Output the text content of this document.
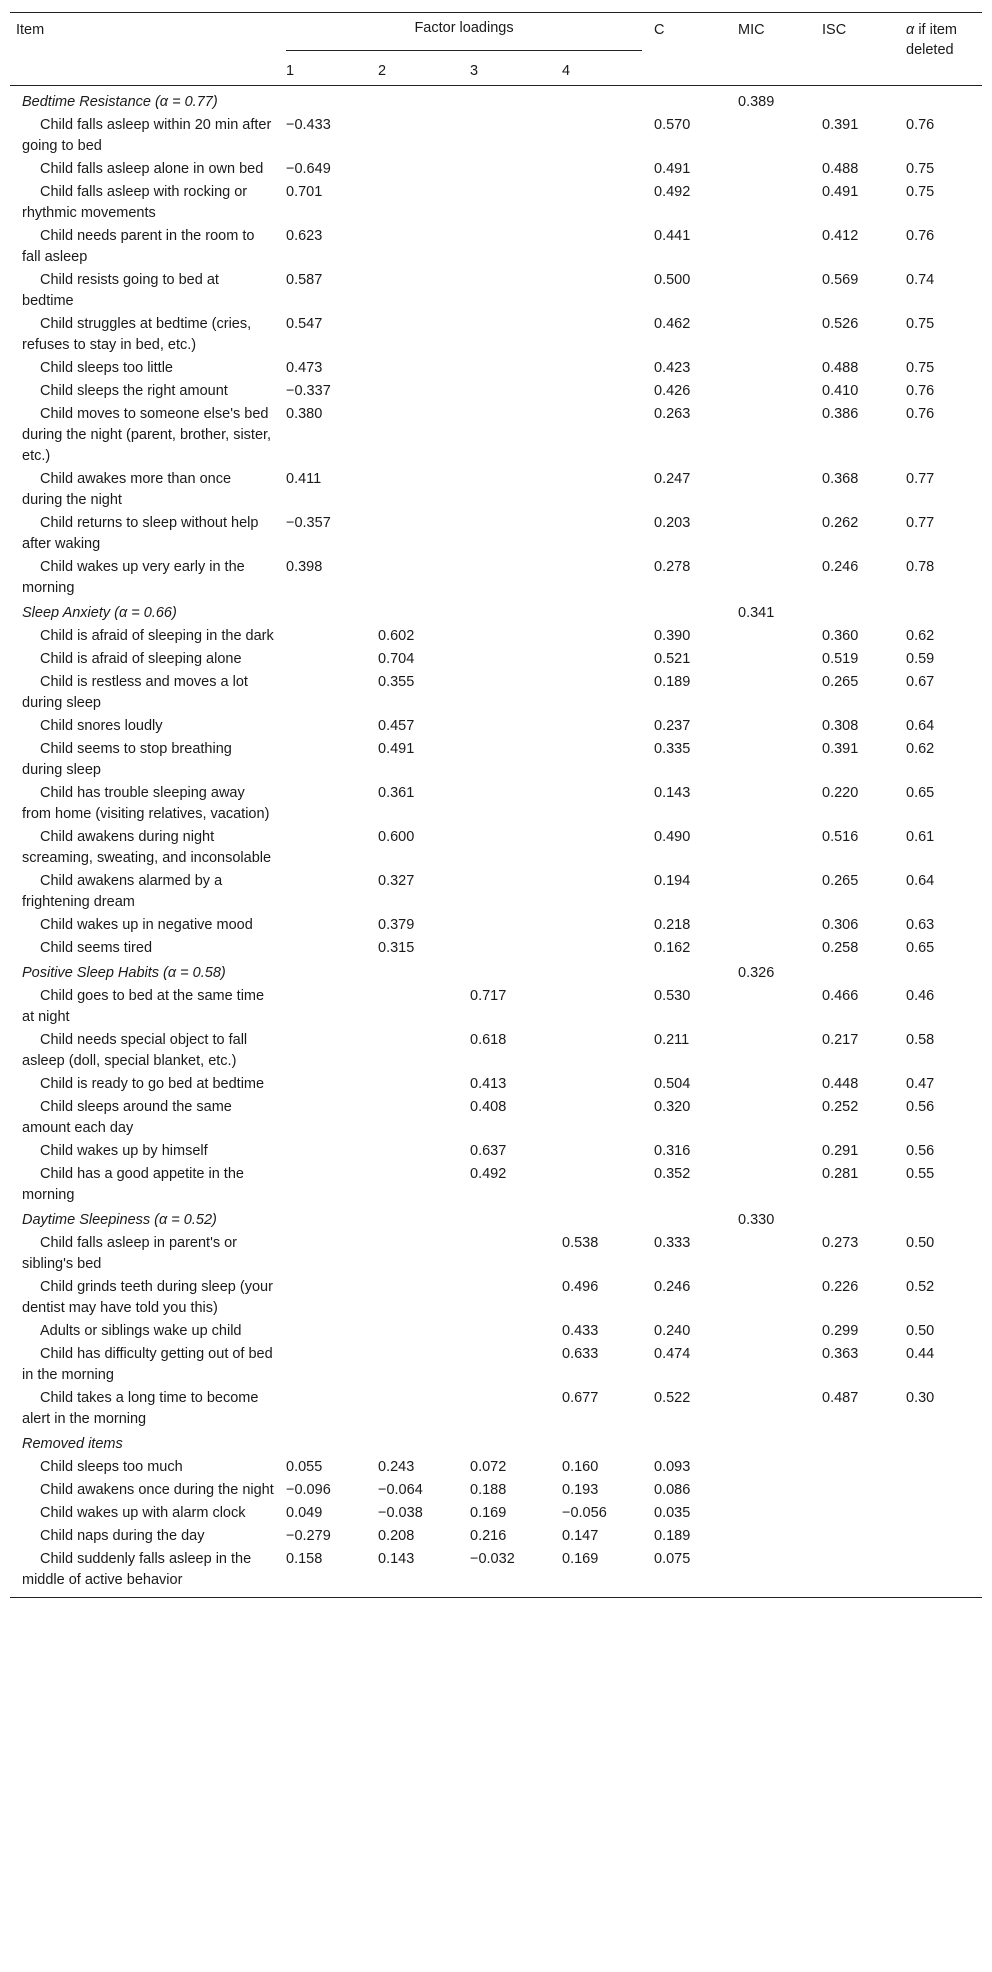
Item	Factor loadings				C	MIC	ISC	α if item deleted
	1	2	3	4				
Bedtime Resistance (α = 0.77)						0.389		

Child falls asleep within 20 min after going to bed	−0.433				0.570		0.391	0.76

Child falls asleep alone in own bed	−0.649				0.491		0.488	0.75

Child falls asleep with rocking or rhythmic movements	0.701				0.492		0.491	0.75

Child needs parent in the room to fall asleep	0.623				0.441		0.412	0.76

Child resists going to bed at bedtime	0.587				0.500		0.569	0.74

Child struggles at bedtime (cries, refuses to stay in bed, etc.)	0.547				0.462		0.526	0.75

Child sleeps too little	0.473				0.423		0.488	0.75

Child sleeps the right amount	−0.337				0.426		0.410	0.76

Child moves to someone else's bed during the night (parent, brother, sister, etc.)	0.380				0.263		0.386	0.76

Child awakes more than once during the night	0.411				0.247		0.368	0.77

Child returns to sleep without help after waking	−0.357				0.203		0.262	0.77

Child wakes up very early in the morning	0.398				0.278		0.246	0.78
Sleep Anxiety (α = 0.66)						0.341		

Child is afraid of sleeping in the dark		0.602			0.390		0.360	0.62

Child is afraid of sleeping alone		0.704			0.521		0.519	0.59

Child is restless and moves a lot during sleep		0.355			0.189		0.265	0.67

Child snores loudly		0.457			0.237		0.308	0.64

Child seems to stop breathing during sleep		0.491			0.335		0.391	0.62

Child has trouble sleeping away from home (visiting relatives, vacation)		0.361			0.143		0.220	0.65

Child awakens during night screaming, sweating, and inconsolable		0.600			0.490		0.516	0.61

Child awakens alarmed by a frightening dream		0.327			0.194		0.265	0.64

Child wakes up in negative mood		0.379			0.218		0.306	0.63

Child seems tired		0.315			0.162		0.258	0.65
Positive Sleep Habits (α = 0.58)						0.326		

Child goes to bed at the same time at night			0.717		0.530		0.466	0.46

Child needs special object to fall asleep (doll, special blanket, etc.)			0.618		0.211		0.217	0.58

Child is ready to go bed at bedtime			0.413		0.504		0.448	0.47

Child sleeps around the same amount each day			0.408		0.320		0.252	0.56

Child wakes up by himself			0.637		0.316		0.291	0.56

Child has a good appetite in the morning			0.492		0.352		0.281	0.55
Daytime Sleepiness (α = 0.52)						0.330		

Child falls asleep in parent's or sibling's bed				0.538	0.333		0.273	0.50

Child grinds teeth during sleep (your dentist may have told you this)				0.496	0.246		0.226	0.52

Adults or siblings wake up child				0.433	0.240		0.299	0.50

Child has difficulty getting out of bed in the morning				0.633	0.474		0.363	0.44

Child takes a long time to become alert in the morning				0.677	0.522		0.487	0.30
Removed items								

Child sleeps too much	0.055	0.243	0.072	0.160	0.093			

Child awakens once during the night	−0.096	−0.064	0.188	0.193	0.086			

Child wakes up with alarm clock	0.049	−0.038	0.169	−0.056	0.035			

Child naps during the day	−0.279	0.208	0.216	0.147	0.189			

Child suddenly falls asleep in the middle of active behavior	0.158	0.143	−0.032	0.169	0.075			
